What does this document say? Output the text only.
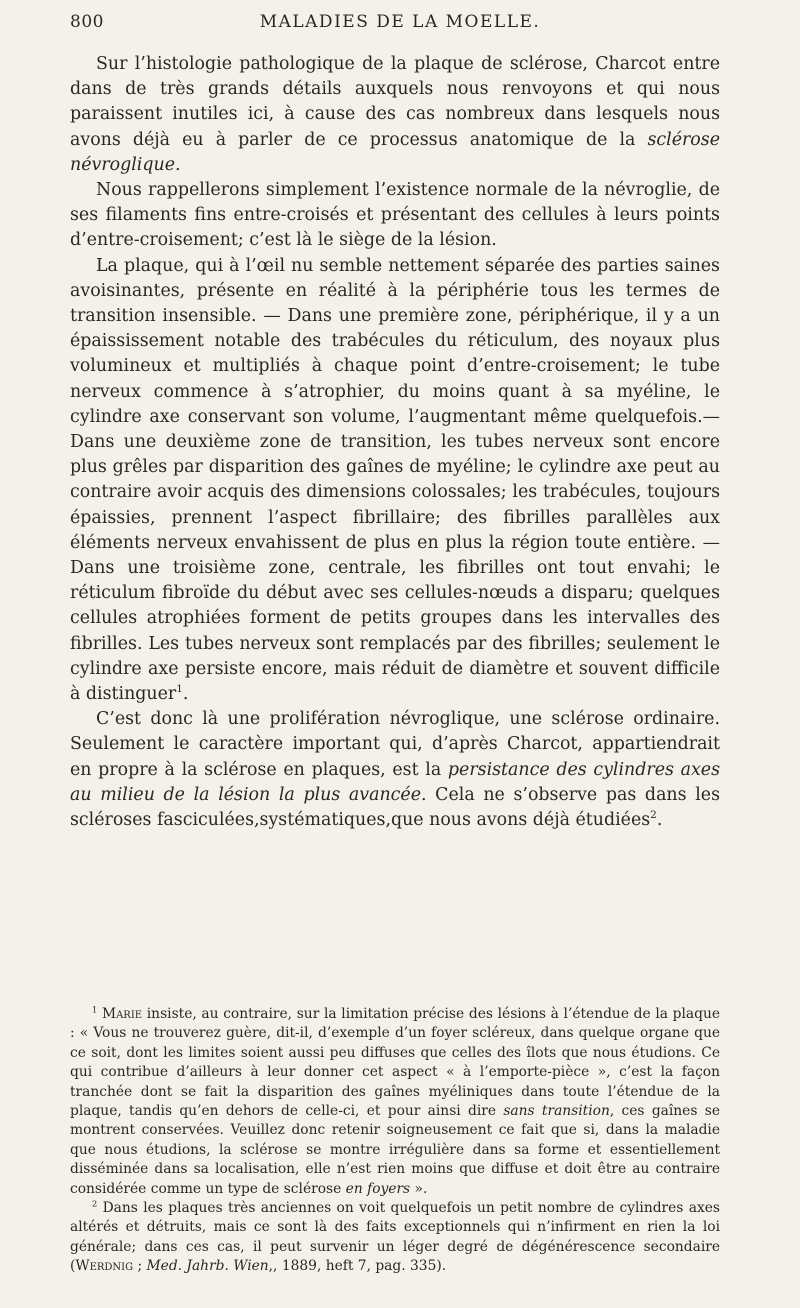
800	MALADIES DE LA MOELLE.

Sur l’histologie pathologique de la plaque de sclérose, Charcot entre dans de très grands détails auxquels nous renvoyons et qui nous paraissent inutiles ici, à cause des cas nombreux dans lesquels nous avons déjà eu à parler de ce processus anatomique de la sclérose névroglique.

Nous rappellerons simplement l’existence normale de la névroglie, de ses filaments fins entre-croisés et présentant des cellules à leurs points d’entre-croisement; c’est là le siège de la lésion.

La plaque, qui à l’œil nu semble nettement séparée des parties saines avoisinantes, présente en réalité à la périphérie tous les termes de transition insensible. — Dans une première zone, périphérique, il y a un épaississement notable des trabécules du réticulum, des noyaux plus volumineux et multipliés à chaque point d’entre-croisement; le tube nerveux commence à s’atrophier, du moins quant à sa myéline, le cylindre axe conservant son volume, l’augmentant même quelquefois.— Dans une deuxième zone de transition, les tubes nerveux sont encore plus grêles par disparition des gaînes de myéline; le cylindre axe peut au contraire avoir acquis des dimensions colossales; les trabécules, toujours épaissies, prennent l’aspect fibrillaire; des fibrilles parallèles aux éléments nerveux envahissent de plus en plus la région toute entière. — Dans une troisième zone, centrale, les fibrilles ont tout envahi; le réticulum fibroïde du début avec ses cellules-nœuds a disparu; quelques cellules atrophiées forment de petits groupes dans les intervalles des fibrilles. Les tubes nerveux sont remplacés par des fibrilles; seulement le cylindre axe persiste encore, mais réduit de diamètre et souvent difficile à distinguer$^1$.

C’est donc là une prolifération névroglique, une sclérose ordinaire. Seulement le caractère important qui, d’après Charcot, appartiendrait en propre à la sclérose en plaques, est la persistance des cylindres axes au milieu de la lésion la plus avancée. Cela ne s’observe pas dans les scléroses fasciculées,systématiques,que nous avons déjà étudiées$^2$.

$^1$ Marie insiste, au contraire, sur la limitation précise des lésions à l’étendue de la plaque : « Vous ne trouverez guère, dit-il, d’exemple d’un foyer scléreux, dans quelque organe que ce soit, dont les limites soient aussi peu diffuses que celles des îlots que nous étudions. Ce qui contribue d’ailleurs à leur donner cet aspect « à l’emporte-pièce », c’est la façon tranchée dont se fait la disparition des gaînes myéliniques dans toute l’étendue de la plaque, tandis qu’en dehors de celle-ci, et pour ainsi dire sans transition, ces gaînes se montrent conservées. Veuillez donc retenir soigneusement ce fait que si, dans la maladie que nous étudions, la sclérose se montre irrégulière dans sa forme et essentiellement disséminée dans sa localisation, elle n’est rien moins que diffuse et doit être au contraire considérée comme un type de sclérose en foyers ».

$^2$ Dans les plaques très anciennes on voit quelquefois un petit nombre de cylindres axes altérés et détruits, mais ce sont là des faits exceptionnels qui n’infirment en rien la loi générale; dans ces cas, il peut survenir un léger degré de dégénérescence secondaire (Werdnig ; Med. Jahrb. Wien,, 1889, heft 7, pag. 335).
